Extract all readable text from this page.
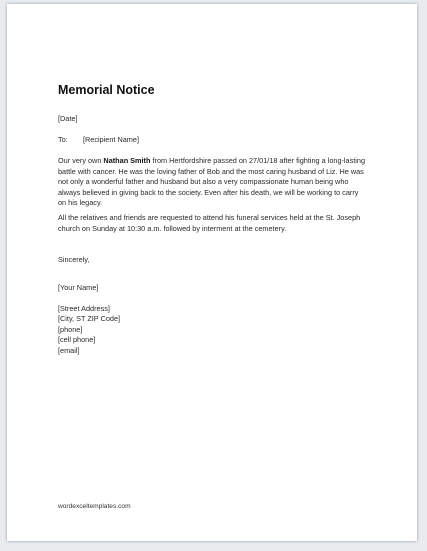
Memorial Notice
[Date]
To: [Recipient Name]
Our very own Nathan Smith from Hertfordshire passed on 27/01/18 after fighting a long-lasting battle with cancer. He was the loving father of Bob and the most caring husband of Liz. He was not only a wonderful father and husband but also a very compassionate human being who always believed in giving back to the society. Even after his death, we will be working to carry on his legacy.
All the relatives and friends are requested to attend his funeral services held at the St. Joseph church on Sunday at 10:30 a.m. followed by interment at the cemetery.
Sincerely,
[Your Name]
[Street Address]
[City, ST ZIP Code]
[phone]
[cell phone]
[email]
wordexceltemplates.com
